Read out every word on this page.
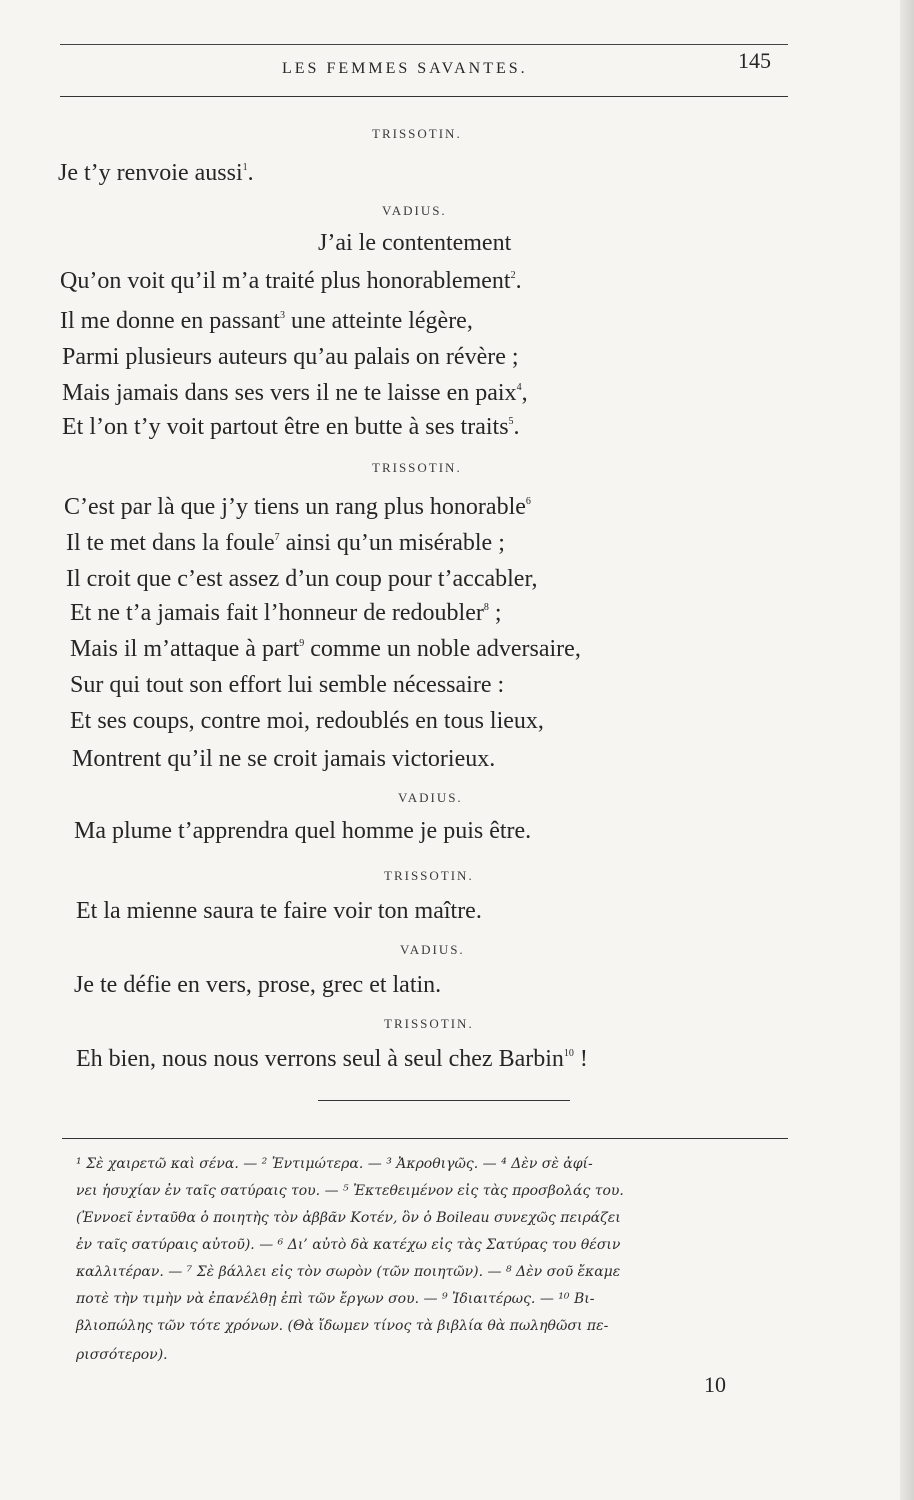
LES FEMMES SAVANTES.	145
TRISSOTIN.
Je t’y renvoie aussi$^1$.
VADIUS.
J’ai le contentement
Qu’on voit qu’il m’a traité plus honorablement$^2$.
Il me donne en passant$^3$ une atteinte légère,
Parmi plusieurs auteurs qu’au palais on révère ;
Mais jamais dans ses vers il ne te laisse en paix$^4$,
Et l’on t’y voit partout être en butte à ses traits$^5$.
TRISSOTIN.
C’est par là que j’y tiens un rang plus honorable$^6$
Il te met dans la foule$^7$ ainsi qu’un misérable ;
Il croit que c’est assez d’un coup pour t’accabler,
Et ne t’a jamais fait l’honneur de redoubler$^8$ ;
Mais il m’attaque à part$^9$ comme un noble adversaire,
Sur qui tout son effort lui semble nécessaire :
Et ses coups, contre moi, redoublés en tous lieux,
Montrent qu’il ne se croit jamais victorieux.
VADIUS.
Ma plume t’apprendra quel homme je puis être.
TRISSOTIN.
Et la mienne saura te faire voir ton maître.
VADIUS.
Je te défie en vers, prose, grec et latin.
TRISSOTIN.
Eh bien, nous nous verrons seul à seul chez Barbin$^{10}$ !
¹ Σὲ χαιρετῶ καὶ σένα. — ² Ἐντιμώτερα. — ³ Ἀκροθιγῶς. — ⁴ Δὲν σὲ ἀφί-
νει ἡσυχίαν ἐν ταῖς σατύραις του. — ⁵ Ἐκτεθειμένον εἰς τὰς προσβολάς του.
(Ἐννοεῖ ἐνταῦθα ὁ ποιητὴς τὸν ἀββᾶν Κοτέν, ὃν ὁ Boileau συνεχῶς πειράζει
ἐν ταῖς σατύραις αὐτοῦ). — ⁶ Δι’ αὐτὸ δὰ κατέχω εἰς τὰς Σατύρας του θέσιν
καλλιτέραν. — ⁷ Σὲ βάλλει εἰς τὸν σωρὸν (τῶν ποιητῶν). — ⁸ Δὲν σοῦ ἔκαμε
ποτὲ τὴν τιμὴν νὰ ἐπανέλθῃ ἐπὶ τῶν ἔργων σου. — ⁹ Ἰδιαιτέρως. — ¹⁰ Βι-
βλιοπώλης τῶν τότε χρόνων. (Θὰ ἴδωμεν τίνος τὰ βιβλία θὰ πωληθῶσι πε-
ρισσότερον).
10
